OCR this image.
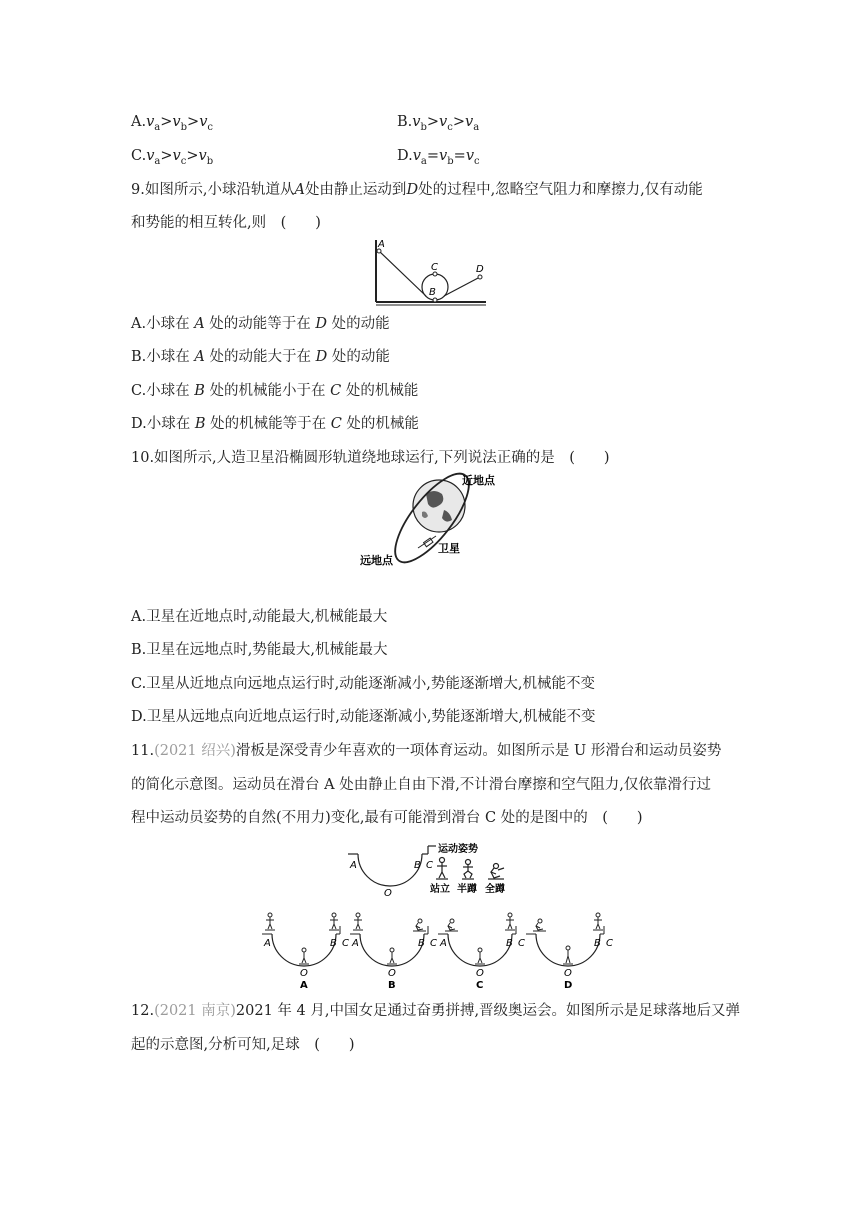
$A.v_a>v_b>v_c$	$B.v_b>v_c>v_a$
$C.v_a>v_c>v_b$	$D.v_a=v_b=v_c$
9.如图所示,小球沿轨道从A处由静止运动到D处的过程中,忽略空气阻力和摩擦力,仅有动能
和势能的相互转化,则　(　　)
A
C
B
D
A.小球在 A 处的动能等于在 D 处的动能
B.小球在 A 处的动能大于在 D 处的动能
C.小球在 B 处的机械能小于在 C 处的机械能
D.小球在 B 处的机械能等于在 C 处的机械能
10.如图所示,人造卫星沿椭圆形轨道绕地球运行,下列说法正确的是　(　　)
近地点
卫星
远地点
A.卫星在近地点时,动能最大,机械能最大
B.卫星在远地点时,势能最大,机械能最大
C.卫星从近地点向远地点运行时,动能逐渐减小,势能逐渐增大,机械能不变
D.卫星从远地点向近地点运行时,动能逐渐减小,势能逐渐增大,机械能不变
11.(2021 绍兴)滑板是深受青少年喜欢的一项体育运动。如图所示是 U 形滑台和运动员姿势
的简化示意图。运动员在滑台 A 处由静止自由下滑,不计滑台摩擦和空气阻力,仅依靠滑行过
程中运动员姿势的自然(不用力)变化,最有可能滑到滑台 C 处的是图中的　(　　)
A
O
B C
运动姿势
站立 半蹲 全蹲
A	B C
O
A
A	B C
O
B
A	B C
O
C
B C
O
D
12.(2021 南京)2021 年 4 月,中国女足通过奋勇拼搏,晋级奥运会。如图所示是足球落地后又弹
起的示意图,分析可知,足球　(　　)
